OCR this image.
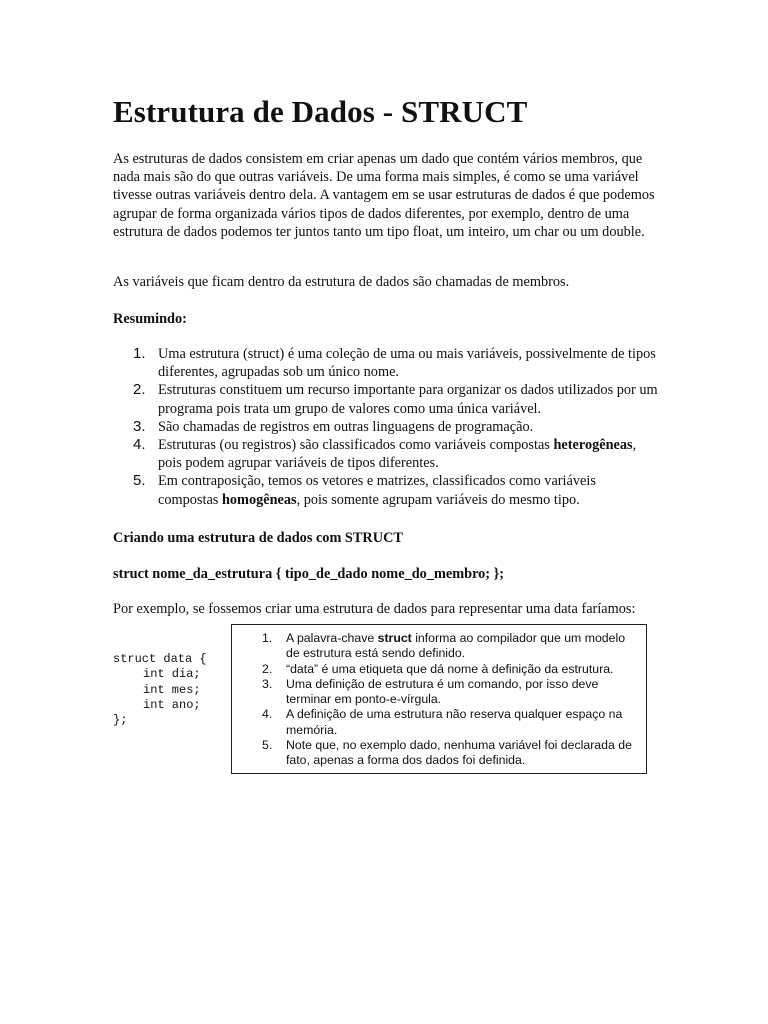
Estrutura de Dados - STRUCT

As estruturas de dados consistem em criar apenas um dado que contém vários membros, que nada mais são do que outras variáveis. De uma forma mais simples, é como se uma variável tivesse outras variáveis dentro dela. A vantagem em se usar estruturas de dados é que podemos agrupar de forma organizada vários tipos de dados diferentes, por exemplo, dentro de uma estrutura de dados podemos ter juntos tanto um tipo float, um inteiro, um char ou um double.

As variáveis que ficam dentro da estrutura de dados são chamadas de membros.

Resumindo:

1. Uma estrutura (struct) é uma coleção de uma ou mais variáveis, possivelmente de tipos diferentes, agrupadas sob um único nome.
2. Estruturas constituem um recurso importante para organizar os dados utilizados por um programa pois trata um grupo de valores como uma única variável.
3. São chamadas de registros em outras linguagens de programação.
4. Estruturas (ou registros) são classificados como variáveis compostas heterogêneas, pois podem agrupar variáveis de tipos diferentes.
5. Em contraposição, temos os vetores e matrizes, classificados como variáveis compostas homogêneas, pois somente agrupam variáveis do mesmo tipo.

Criando uma estrutura de dados com STRUCT

struct nome_da_estrutura { tipo_de_dado nome_do_membro; };

Por exemplo, se fossemos criar uma estrutura de dados para representar uma data faríamos:

struct data {
int dia;
int mes;
int ano;
};
1. A palavra-chave struct informa ao compilador que um modelo de estrutura está sendo definido.
2. “data” é uma etiqueta que dá nome à definição da estrutura.
3. Uma definição de estrutura é um comando, por isso deve terminar em ponto-e-vírgula.
4. A definição de uma estrutura não reserva qualquer espaço na memória.
5. Note que, no exemplo dado, nenhuma variável foi declarada de fato, apenas a forma dos dados foi definida.
